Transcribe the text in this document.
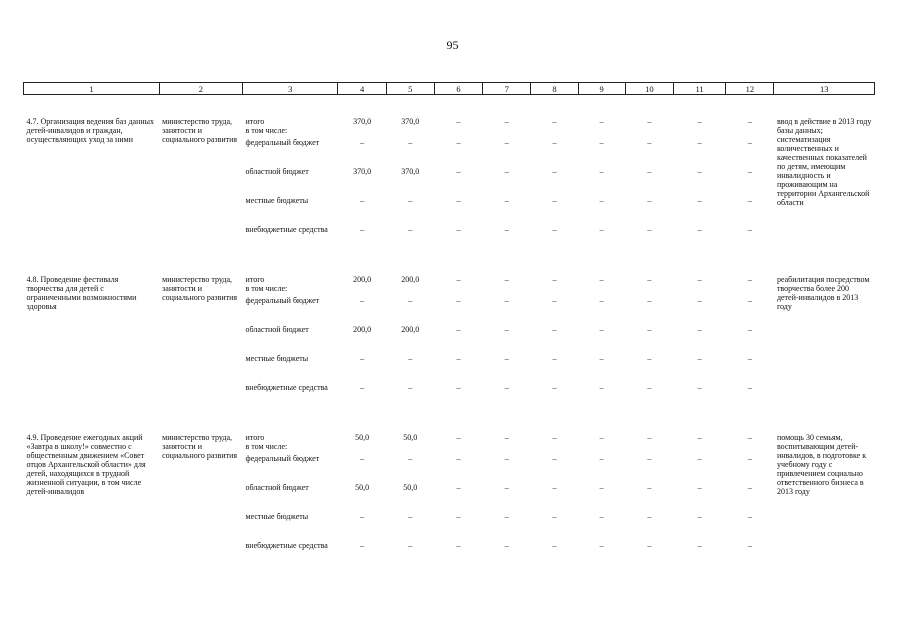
95
1	2	3	4	5	6	7	8	9	10	11	12	13
4.7. Организация ведения баз данных детей-инвалидов и граждан, осуществляющих уход за ними	министерство труда, занятости и социального развития	итого	370,0	370,0	–	–	–	–	–	–	–	ввод в действие в 2013 году базы данных; систематизация количественных и качественных показателей по детям, имеющим инвалидность и проживающим на территории Архангельской области
		в том числе:										
		федеральный бюджет	–	–	–	–	–	–	–	–	–	
		областной бюджет	370,0	370,0	–	–	–	–	–	–	–	
		местные бюджеты	–	–	–	–	–	–	–	–	–	
		внебюджетные средства	–	–	–	–	–	–	–	–	–	
4.8. Проведение фестиваля творчества для детей с ограниченными возможностями здоровья	министерство труда, занятости и социального развития	итого	200,0	200,0	–	–	–	–	–	–	–	реабилитация посредством творчества более 200 детей-инвалидов в 2013 году
		в том числе:										
		федеральный бюджет	–	–	–	–	–	–	–	–	–	
		областной бюджет	200,0	200,0	–	–	–	–	–	–	–	
		местные бюджеты	–	–	–	–	–	–	–	–	–	
		внебюджетные средства	–	–	–	–	–	–	–	–	–	
4.9. Проведение ежегодных акций «Завтра в школу!» совместно с общественным движением «Совет отцов Архангельской области» для детей, находящихся в трудной жизненной ситуации, в том числе детей-инвалидов	министерство труда, занятости и социального развития	итого	50,0	50,0	–	–	–	–	–	–	–	помощь 30 семьям, воспитывающим детей-инвалидов, в подготовке к учебному году с привлечением социально ответственного бизнеса в 2013 году
		в том числе:										
		федеральный бюджет	–	–	–	–	–	–	–	–	–	
		областной бюджет	50,0	50,0	–	–	–	–	–	–	–	
		местные бюджеты	–	–	–	–	–	–	–	–	–	
		внебюджетные средства	–	–	–	–	–	–	–	–	–	
